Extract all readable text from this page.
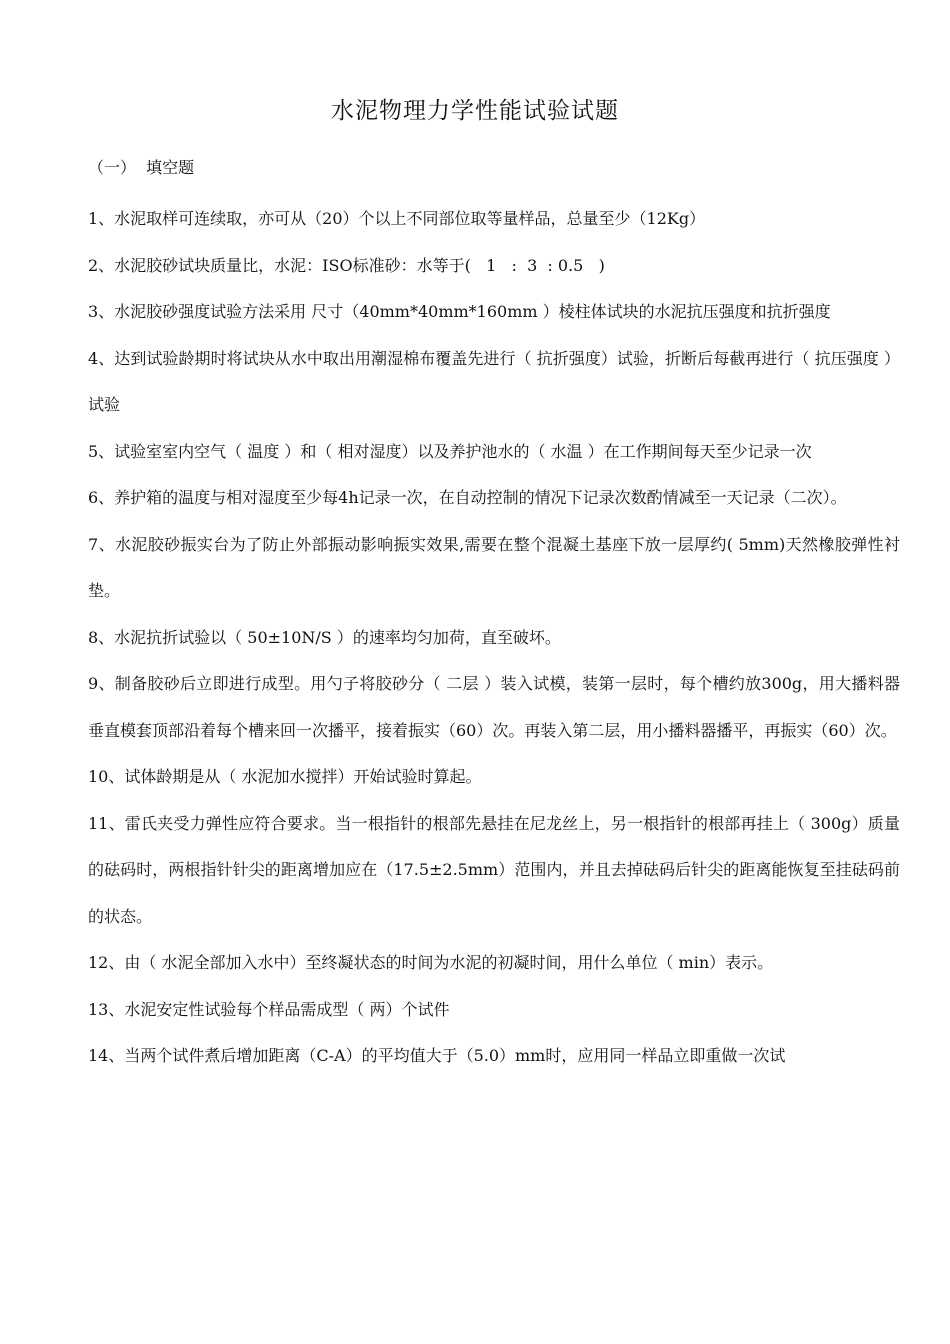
水泥物理力学性能试验试题
（一）  填空题

1、水泥取样可连续取，亦可从（20）个以上不同部位取等量样品，总量至少（12Kg）

2、水泥胶砂试块质量比，水泥：ISO标准砂：水等于(   1   :  3  : 0.5   )

3、水泥胶砂强度试验方法采用 尺寸（40mm*40mm*160mm ）棱柱体试块的水泥抗压强度和抗折强度

4、达到试验龄期时将试块从水中取出用潮湿棉布覆盖先进行（ 抗折强度）试验，折断后每截再进行（ 抗压强度 ）试验

5、试验室室内空气（ 温度 ）和（ 相对湿度）以及养护池水的（ 水温 ）在工作期间每天至少记录一次

6、养护箱的温度与相对湿度至少每4h记录一次，在自动控制的情况下记录次数酌情减至一天记录（二次）。

7、水泥胶砂振实台为了防止外部振动影响振实效果,需要在整个混凝土基座下放一层厚约( 5mm)天然橡胶弹性衬垫。

8、水泥抗折试验以（ 50±10N/S ）的速率均匀加荷，直至破坏。

9、制备胶砂后立即进行成型。用勺子将胶砂分（ 二层 ）装入试模，装第一层时，每个槽约放300g，用大播料器垂直模套顶部沿着每个槽来回一次播平，接着振实（60）次。再装入第二层，用小播料器播平，再振实（60）次。

10、试体龄期是从（ 水泥加水搅拌）开始试验时算起。

11、雷氏夹受力弹性应符合要求。当一根指针的根部先悬挂在尼龙丝上，另一根指针的根部再挂上（ 300g）质量的砝码时，两根指针针尖的距离增加应在（17.5±2.5mm）范围内，并且去掉砝码后针尖的距离能恢复至挂砝码前的状态。

12、由（ 水泥全部加入水中）至终凝状态的时间为水泥的初凝时间，用什么单位（ min）表示。

13、水泥安定性试验每个样品需成型（ 两）个试件

14、当两个试件煮后增加距离（C-A）的平均值大于（5.0）mm时，应用同一样品立即重做一次试
